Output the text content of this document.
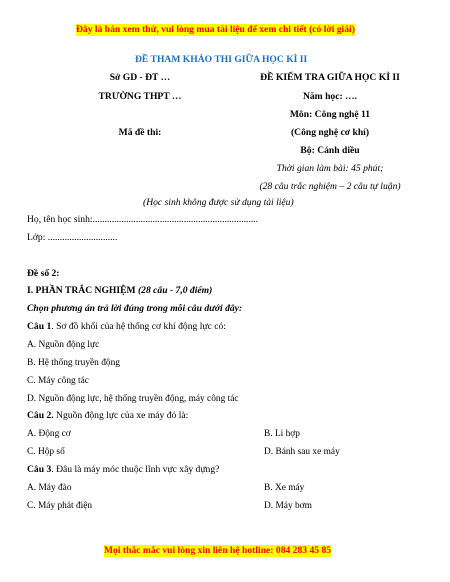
Đây là bản xem thử, vui lòng mua tài liệu để xem chi tiết (có lời giải)
ĐỀ THAM KHẢO THI GIỮA HỌC KÌ II
Sở GD - ĐT …
TRƯỜNG THPT …
Mã đề thi:
ĐỀ KIỂM TRA GIỮA HỌC KÌ II
Năm học: ….
Môn: Công nghệ 11
(Công nghệ cơ khí)
Bộ: Cánh diều
Thời gian làm bài: 45 phút;
(28 câu trắc nghiệm – 2 câu tự luận)
(Học sinh không được sử dụng tài liệu)
Họ, tên học sinh:.....................................................................
Lớp: .............................
Đề số 2:
I. PHẦN TRẮC NGHIỆM (28 câu - 7,0 điểm)
Chọn phương án trả lời đúng trong mỗi câu dưới đây:
Câu 1. Sơ đồ khối của hệ thống cơ khí động lực có:
A. Nguồn động lực
B. Hệ thống truyền động
C. Máy công tác
D. Nguồn động lực, hệ thống truyền động, máy công tác
Câu 2. Nguồn động lực của xe máy đó là:
A. Động cơ	B. Li hợp
C. Hộp số	D. Bánh sau xe máy
Câu 3. Đâu là máy móc thuộc lĩnh vực xây dựng?
A. Máy đào	B. Xe máy
C. Máy phát điện	D. Máy bơm
Mọi thắc mắc vui lòng xin liên hệ hotline: 084 283 45 85
